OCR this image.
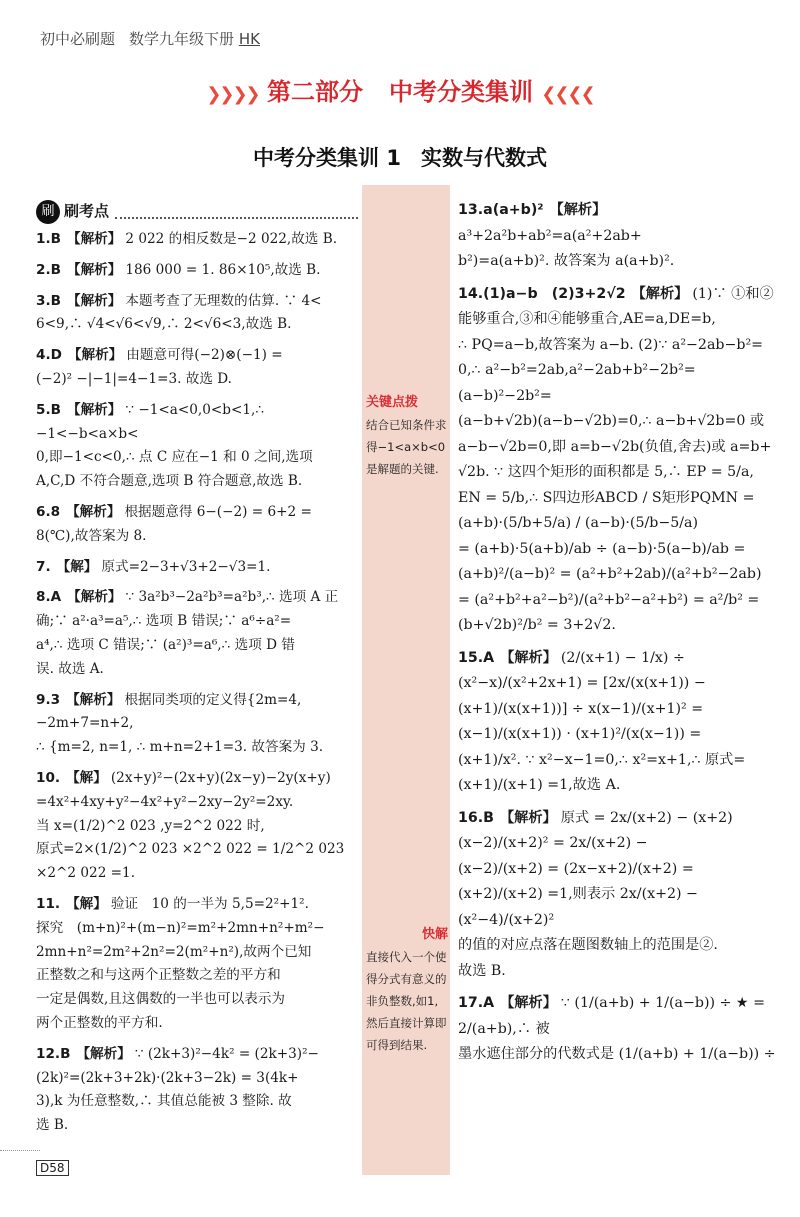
初中必刷题 数学九年级下册 HK
❯❯❯❯ 第二部分 中考分类集训 ❮❮❮❮
中考分类集训 1 实数与代数式
刷 刷考点
1.B 【解析】 2 022 的相反数是−2 022,故选 B.
2.B 【解析】 186 000 = 1. 86×10⁵,故选 B.
3.B 【解析】 本题考查了无理数的估算. ∵ 4<
6<9,∴ √4<√6<√9,∴ 2<√6<3,故选 B.
4.D 【解析】 由题意可得(−2)⊗(−1) =
(−2)² −|−1|=4−1=3. 故选 D.
5.B 【解析】 ∵ −1<a<0,0<b<1,∴ −1<−b<a×b<
0,即−1<c<0,∴ 点 C 应在−1 和 0 之间,选项
A,C,D 不符合题意,选项 B 符合题意,故选 B.
6.8 【解析】 根据题意得 6−(−2) = 6+2 =
8(℃),故答案为 8.
7. 【解】 原式=2−3+√3+2−√3=1.
8.A 【解析】 ∵ 3a²b³−2a²b³=a²b³,∴ 选项 A 正
确;∵ a²·a³=a⁵,∴ 选项 B 错误;∵ a⁶÷a²=
a⁴,∴ 选项 C 错误;∵ (a²)³=a⁶,∴ 选项 D 错
误. 故选 A.
9.3 【解析】 根据同类项的定义得{2m=4, −2m+7=n+2,
∴ {m=2, n=1, ∴ m+n=2+1=3. 故答案为 3.
10. 【解】 (2x+y)²−(2x+y)(2x−y)−2y(x+y)
=4x²+4xy+y²−4x²+y²−2xy−2y²=2xy.
当 x=(1/2)^2 023 ,y=2^2 022 时,
原式=2×(1/2)^2 023 ×2^2 022 = 1/2^2 023 ×2^2 022 =1.
11. 【解】 验证　10 的一半为 5,5=2²+1².
探究　(m+n)²+(m−n)²=m²+2mn+n²+m²−
2mn+n²=2m²+2n²=2(m²+n²),故两个已知
正整数之和与这两个正整数之差的平方和
一定是偶数,且这偶数的一半也可以表示为
两个正整数的平方和.
12.B 【解析】 ∵ (2k+3)²−4k² = (2k+3)²−
(2k)²=(2k+3+2k)·(2k+3−2k) = 3(4k+
3),k 为任意整数,∴ 其值总能被 3 整除. 故
选 B.
13.a(a+b)² 【解析】a³+2a²b+ab²=a(a²+2ab+
b²)=a(a+b)². 故答案为 a(a+b)².
14.(1)a−b　(2)3+2√2 【解析】 (1)∵ ①和②
能够重合,③和④能够重合,AE=a,DE=b,
∴ PQ=a−b,故答案为 a−b. (2)∵ a²−2ab−b²=
0,∴ a²−b²=2ab,a²−2ab+b²−2b²=(a−b)²−2b²=
(a−b+√2b)(a−b−√2b)=0,∴ a−b+√2b=0 或
a−b−√2b=0,即 a=b−√2b(负值,舍去)或 a=b+
√2b. ∵ 这四个矩形的面积都是 5,∴ EP = 5/a,
EN = 5/b,∴ S四边形ABCD / S矩形PQMN = (a+b)·(5/b+5/a) / (a−b)·(5/b−5/a)
= (a+b)·5(a+b)/ab ÷ (a−b)·5(a−b)/ab = (a+b)²/(a−b)² = (a²+b²+2ab)/(a²+b²−2ab)
= (a²+b²+a²−b²)/(a²+b²−a²+b²) = a²/b² = (b+√2b)²/b² = 3+2√2.
15.A 【解析】 (2/(x+1) − 1/x) ÷ (x²−x)/(x²+2x+1) = [2x/(x(x+1)) −
(x+1)/(x(x+1))] ÷ x(x−1)/(x+1)² = (x−1)/(x(x+1)) · (x+1)²/(x(x−1)) =
(x+1)/x². ∵ x²−x−1=0,∴ x²=x+1,∴ 原式=
(x+1)/(x+1) =1,故选 A.
16.B 【解析】 原式 = 2x/(x+2) − (x+2)(x−2)/(x+2)² = 2x/(x+2) −
(x−2)/(x+2) = (2x−x+2)/(x+2) = (x+2)/(x+2) =1,则表示 2x/(x+2) − (x²−4)/(x+2)²
的值的对应点落在题图数轴上的范围是②.
故选 B.
17.A 【解析】 ∵ (1/(a+b) + 1/(a−b)) ÷ ★ = 2/(a+b),∴ 被
墨水遮住部分的代数式是 (1/(a+b) + 1/(a−b)) ÷
关键点拨
结合已知条件求得−1<a×b<0 是解题的关键.
快解
直接代入一个使得分式有意义的非负整数,如1,然后直接计算即可得到结果.
D58
